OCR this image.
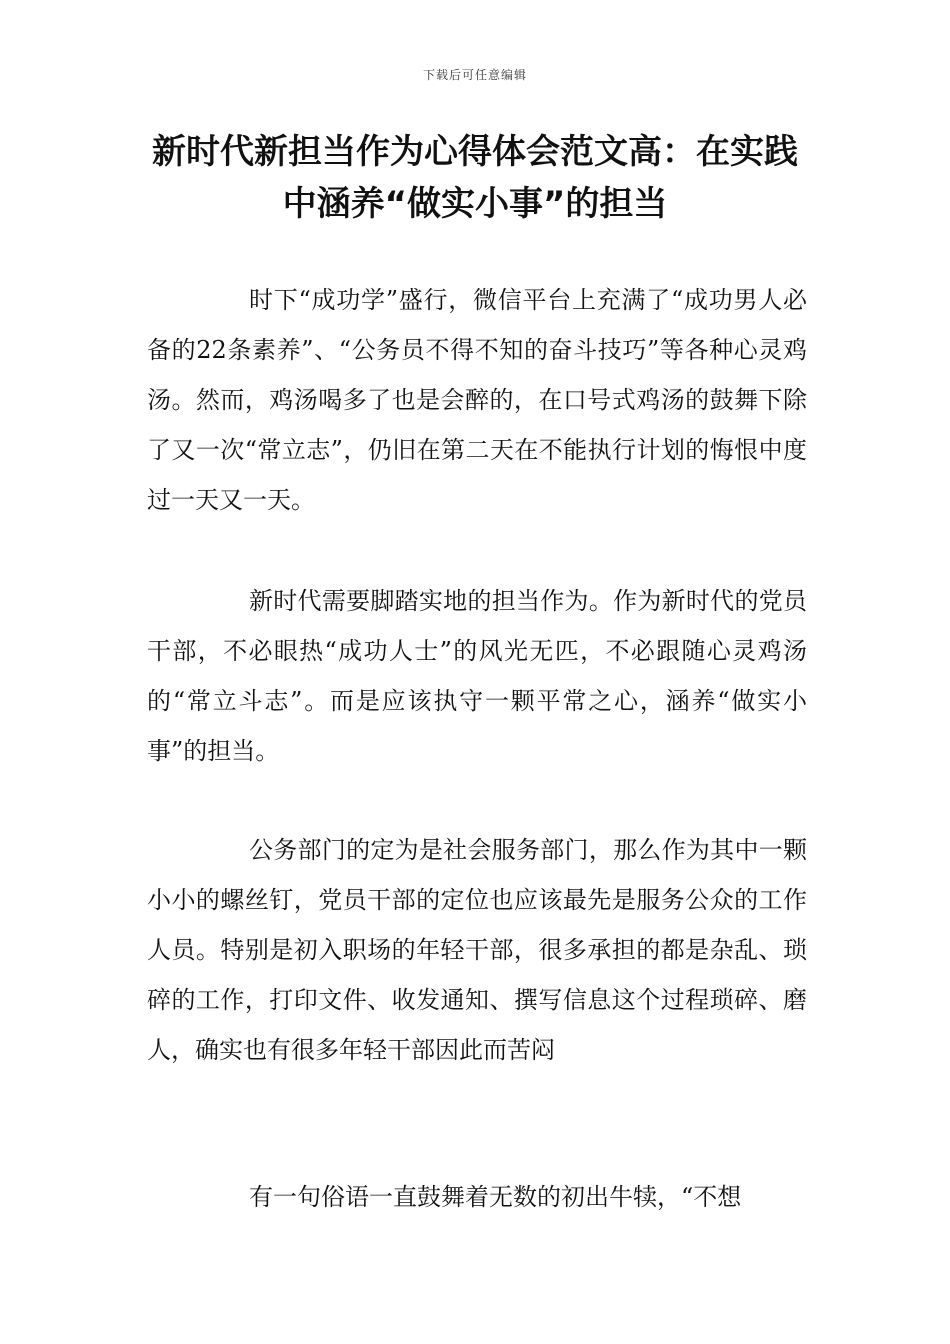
下载后可任意编辑
新时代新担当作为心得体会范文高：在实践中涵养“做实小事”的担当

时下“成功学”盛行，微信平台上充满了“成功男人必备的22条素养”、“公务员不得不知的奋斗技巧”等各种心灵鸡汤。然而，鸡汤喝多了也是会醉的，在口号式鸡汤的鼓舞下除了又一次“常立志”，仍旧在第二天在不能执行计划的悔恨中度过一天又一天。

新时代需要脚踏实地的担当作为。作为新时代的党员干部，不必眼热“成功人士”的风光无匹，不必跟随心灵鸡汤的“常立斗志”。而是应该执守一颗平常之心，涵养“做实小事”的担当。

公务部门的定为是社会服务部门，那么作为其中一颗小小的螺丝钉，党员干部的定位也应该最先是服务公众的工作人员。特别是初入职场的年轻干部，很多承担的都是杂乱、琐碎的工作，打印文件、收发通知、撰写信息这个过程琐碎、磨人，确实也有很多年轻干部因此而苦闷

有一句俗语一直鼓舞着无数的初出牛犊，“不想
